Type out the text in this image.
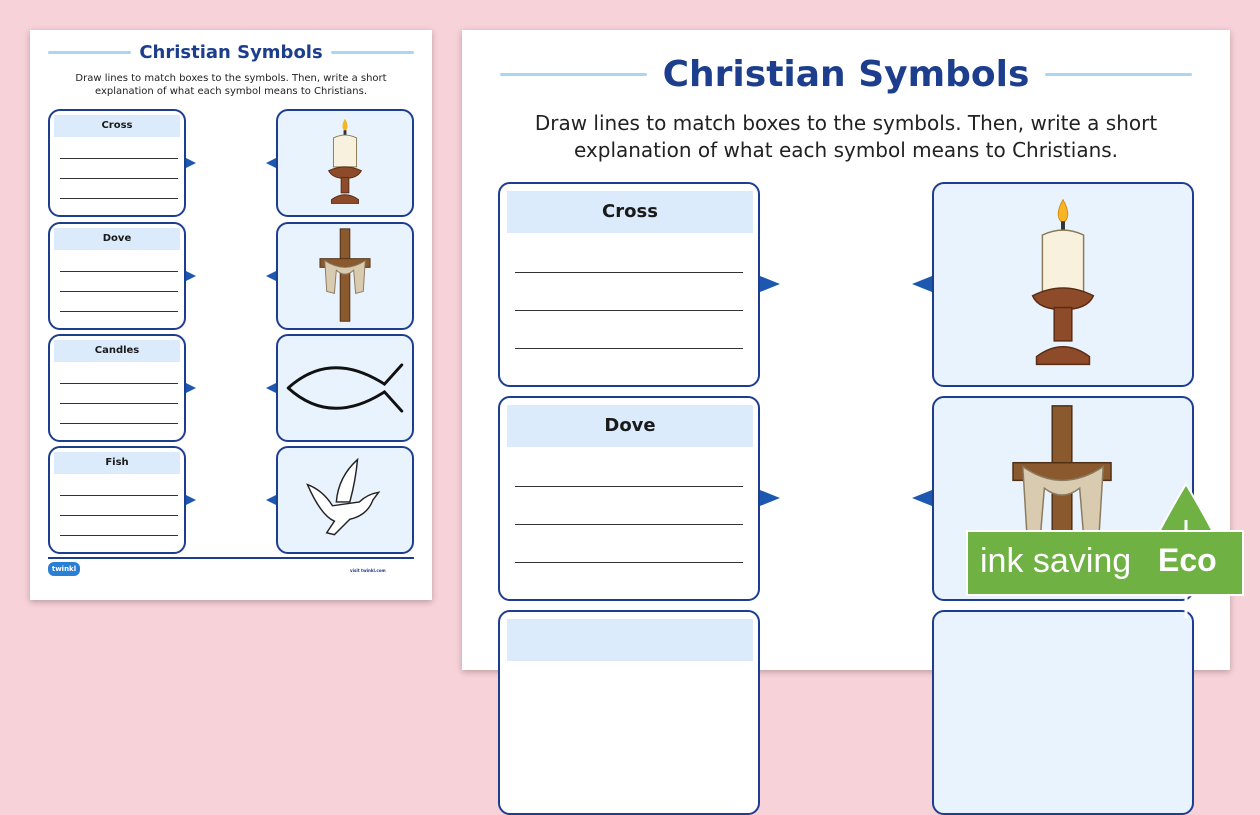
Christian Symbols
Draw lines to match boxes to the symbols. Then, write a short
explanation of what each symbol means to Christians.
Cross
Dove
Candles
Fish
twinkl	visit twinkl.com
Christian Symbols
Draw lines to match boxes to the symbols. Then, write a short
explanation of what each symbol means to Christians.
Cross
Dove
ink saving Eco
